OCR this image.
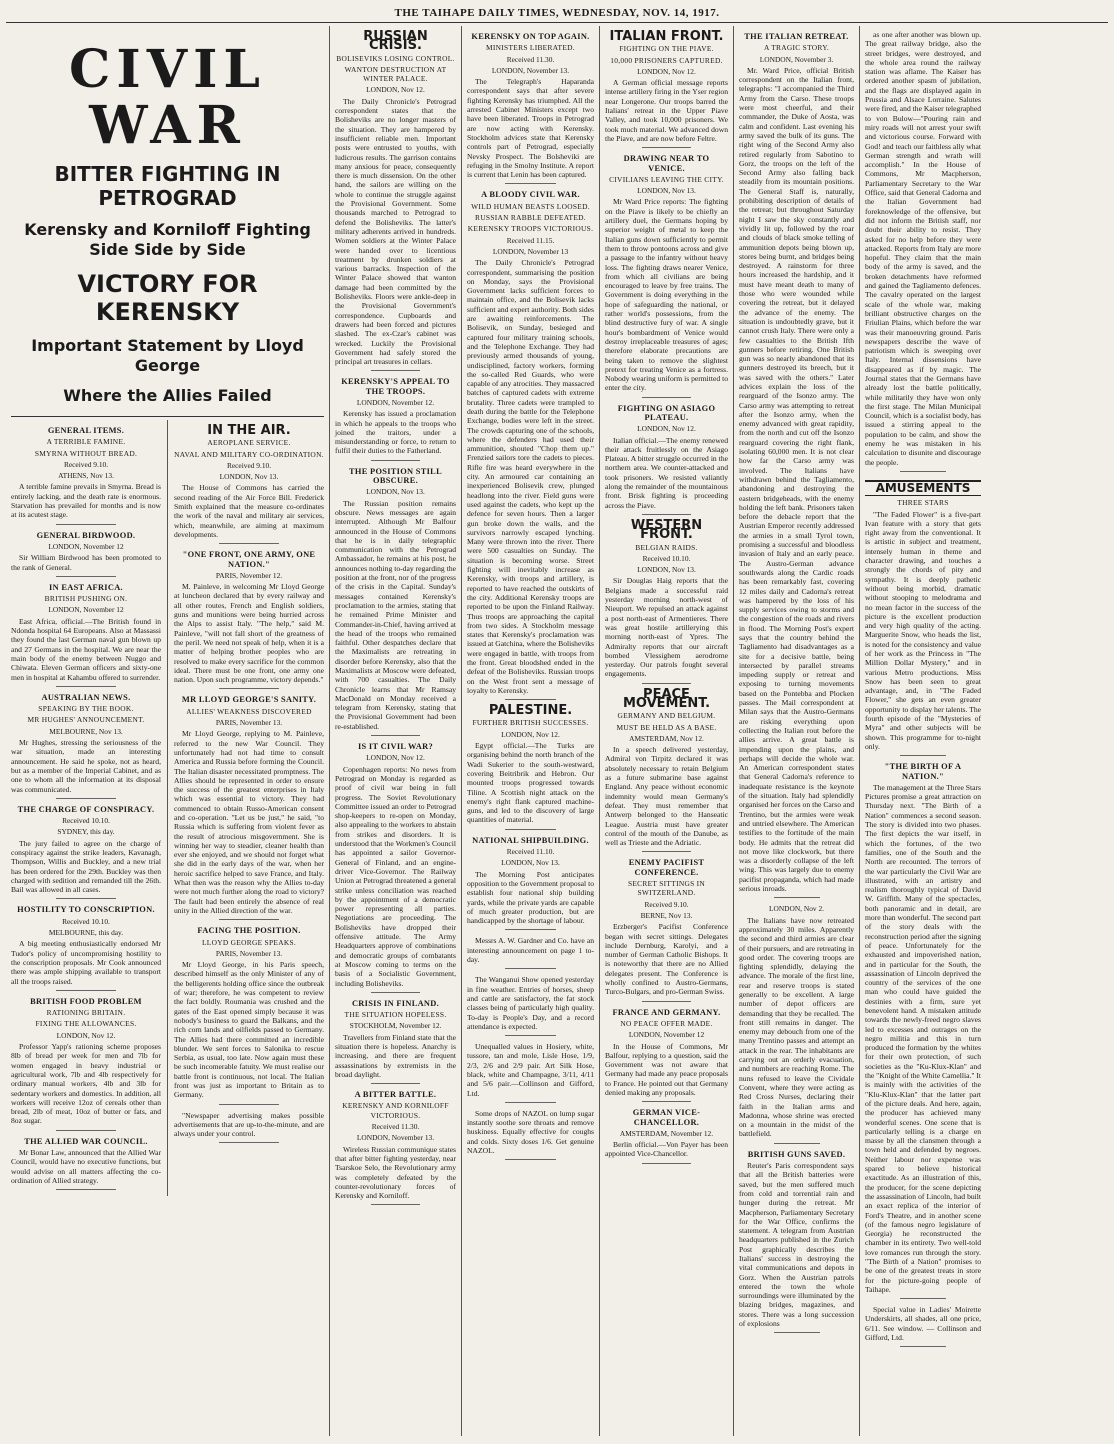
THE TAIHAPE DAILY TIMES, WEDNESDAY, NOV. 14, 1917.
CIVIL WAR
BITTER FIGHTING IN PETROGRAD
Kerensky and Korniloff Fighting Side Side by Side
VICTORY FOR KERENSKY
Important Statement by Lloyd George
Where the Allies Failed
GENERAL ITEMS.
A TERRIBLE FAMINE.
SMYRNA WITHOUT BREAD.
Received 9.10.
ATHENS, Nov 13.

A terrible famine prevails in Smyrna. Bread is entirely lacking, and the death rate is enormous. Starvation has prevailed for months and is now at its acutest stage.

GENERAL BIRDWOOD.
LONDON, November 12

Sir William Birdwood has been promoted to the rank of General.

IN EAST AFRICA.
BRITISH PUSHING ON.
LONDON, November 12

East Africa, official.—The British found in Ndonda hospital 64 Europeans. Also at Massassi they found the last German naval gun blown up and 27 Germans in the hospital. We are near the main body of the enemy between Nuggo and Chiwata. Eleven German officers and sixty-one men in hospital at Kahambu offered to surrender.

AUSTRALIAN NEWS.
SPEAKING BY THE BOOK.
MR HUGHES' ANNOUNCEMENT.
MELBOURNE, Nov 13.

Mr Hughes, stressing the seriousness of the war situation, made an interesting announcement. He said he spoke, not as heard, but as a member of the Imperial Cabinet, and as one to whom all the information at its disposal was communicated.

THE CHARGE OF CONSPIRACY.
Received 10.10.
SYDNEY, this day.

The jury failed to agree on the charge of conspiracy against the strike leaders, Kavanagh, Thompson, Willis and Buckley, and a new trial has been ordered for the 29th. Buckley was then charged with sedition and remanded till the 26th. Bail was allowed in all cases.

HOSTILITY TO CONSCRIPTION.
Received 10.10.
MELBOURNE, this day.

A big meeting enthusiastically endorsed Mr Tudor's policy of uncompromising hostility to the conscription proposals. Mr Cook announced there was ample shipping available to transport all the troops raised.

BRITISH FOOD PROBLEM
RATIONING BRITAIN.
FIXING THE ALLOWANCES.
LONDON, Nov 12.

Professor Yapp's rationing scheme proposes 8lb of bread per week for men and 7lb for women engaged in heavy industrial or agricultural work, 7lb and 4lb respectively for ordinary manual workers, 4lb and 3lb for sedentary workers and domestics. In addition, all workers will receive 12oz of cereals other than bread, 2lb of meat, 10oz of butter or fats, and 8oz sugar.

THE ALLIED WAR COUNCIL.

Mr Bonar Law, announced that the Allied War Council, would have no executive functions, but would advise on all matters affecting the co-ordination of Allied strategy.

IN THE AIR.
AEROPLANE SERVICE.
NAVAL AND MILITARY CO-ORDINATION.
Received 9.10.
LONDON, Nov 13.

The House of Commons has carried the second reading of the Air Force Bill. Frederick Smith explained that the measure co-ordinates the work of the naval and military air services, which, meanwhile, are aiming at maximum developments.

"ONE FRONT, ONE ARMY, ONE NATION."
PARIS, November 12.

M. Painleve, in welcoming Mr Lloyd George at luncheon declared that by every railway and all other routes, French and English soldiers, guns and munitions were being hurried across the Alps to assist Italy. "The help," said M. Painleve, "will not fall short of the greatness of the peril. We need not speak of help, when it is a matter of helping brother peoples who are resolved to make every sacrifice for the common ideal. There must be one front, one army one nation. Upon such programme, victory depends."

MR LLOYD GEORGE'S SANITY.
ALLIES' WEAKNESS DISCOVERED
PARIS, November 13.

Mr Lloyd George, replying to M. Painleve, referred to the new War Council. They unfortunately had not had time to consult America and Russia before forming the Council. The Italian disaster necessitated promptness. The Allies should be represented in order to ensure the success of the greatest enterprises in Italy which was essential to victory. They had commenced to obtain Russo-American consent and co-operation. "Let us be just," he said, "to Russia which is suffering from violent fever as the result of atrocious misgovernment. She is winning her way to steadier, cleaner health than ever she enjoyed, and we should not forget what she did in the early days of the war, when her heroic sacrifice helped to save France, and Italy. What then was the reason why the Allies to-day were not much further along the road to victory? The fault had been entirely the absence of real unity in the Allied direction of the war.

FACING THE POSITION.
LLOYD GEORGE SPEAKS.
PARIS, November 13.

Mr Lloyd George, in his Paris speech, described himself as the only Minister of any of the belligerents holding office since the outbreak of war; therefore, he was competent to review the fact boldly. Roumania was crushed and the gates of the East opened simply because it was nobody's business to guard the Balkans, and the rich corn lands and oilfields passed to Germany. The Allies had there committed an incredible blunder. We sent forces to Salonika to rescue Serbia, as usual, too late. Now again must these be such incomerable fatuity. We must realise our battle front is continuous, not local. The Italian front was just as important to Britain as to Germany.

"Newspaper advertising makes possible advertisements that are up-to-the-minute, and are always under your control.

RUSSIAN CRISIS.
BOLISEVIKS LOSING CONTROL.
WANTON DESTRUCTION AT WINTER PALACE.
LONDON, Nov 12.

The Daily Chronicle's Petrograd correspondent states that the Bolisheviks are no longer masters of the situation. They are hampered by insufficient reliable men. Important posts were entrusted to youths, with ludicrous results. The garrison contains many anxious for peace, consequently there is much dissension. On the other hand, the sailors are willing on the whole to continue the struggle against the Provisional Government. Some thousands marched to Petrograd to defend the Bolisheviks. The latter's military adherents arrived in hundreds. Women soldiers at the Winter Palace were handed over to licentious treatment by drunken soldiers at various barracks. Inspection of the Winter Palace showed that wanton damage had been committed by the Bolisheviks. Floors were ankle-deep in the Provisional Government's correspondence. Cupboards and drawers had been forced and pictures slashed. The ex-Czar's cabinet was wrecked. Luckily the Provisional Government had safely stored the principal art treasures in cellars.

KERENSKY'S APPEAL TO THE TROOPS.
LONDON, November 12.

Kerensky has issued a proclamation in which he appeals to the troops who joined the traitors, under a misunderstanding or force, to return to fulfil their duties to the Fatherland.

THE POSITION STILL OBSCURE.
LONDON, Nov 13.

The Russian position remains obscure. News messages are again interrupted. Although Mr Balfour announced in the House of Commons that he is in daily telegraphic communication with the Petrograd Ambassador, he remains at his post, he announces nothing to-day regarding the position at the front, nor of the progress of the crisis in the Capital. Sunday's messages contained Kerensky's proclamation to the armies, stating that he remained Prime Minister and Commander-in-Chief, having arrived at the head of the troops who remained faithful. Other despatches declare that the Maximalists are retreating in disorder before Kerensky, also that the Maximalists at Moscow were defeated, with 700 casualties. The Daily Chronicle learns that Mr Ramsay MacDonald on Monday received a telegram from Kerensky, stating that the Provisional Government had been re-established.

IS IT CIVIL WAR?
LONDON, Nov 12.

Copenhagen reports: No news from Petrograd on Monday is regarded as proof of civil war being in full progress. The Soviet Revolutionary Committee issued an order to Petrograd shop-keepers to re-open on Monday, also appealing to the workers to abstain from strikes and disorders. It is understood that the Workmen's Council has appointed a sailor Governor-General of Finland, and an engine-driver Vice-Governor. The Railway Union at Petrograd threatened a general strike unless conciliation was reached by the appointment of a democratic power representing all parties. Negotiations are proceeding. The Bolisheviks have dropped their offensive attitude. The Army Headquarters approve of combinations and democratic groups of combatants at Moscow coming to terms on the basis of a Socialistic Government, including Bolisheviks.

CRISIS IN FINLAND.
THE SITUATION HOPELESS.
STOCKHOLM, November 12.

Travellers from Finland state that the situation there is hopeless. Anarchy is increasing, and there are frequent assassinations by extremists in the broad daylight.

A BITTER BATTLE.
KERENSKY AND KORNILOFF VICTORIOUS.
Received 11.30.
LONDON, November 13.

Wireless Russian communique states that after bitter fighting yesterday, near Tsarskoe Selo, the Revolutionary army was completely defeated by the counter-revolutionary forces of Kerensky and Korniloff.

KERENSKY ON TOP AGAIN.
MINISTERS LIBERATED.
Received 11.30.
LONDON, November 13.

The Telegraph's Haparanda correspondent says that after severe fighting Kerensky has triumphed. All the arrested Cabinet Ministers except two have been liberated. Troops in Petrograd are now acting with Kerensky. Stockholm advices state that Kerensky controls part of Petrograd, especially Nevsky Prospect. The Bolsheviki are refuging in the Smolny Institute. A report is current that Lenin has been captured.

A BLOODY CIVIL WAR.
WILD HUMAN BEASTS LOOSED.
RUSSIAN RABBLE DEFEATED.
KERENSKY TROOPS VICTORIOUS.
Received 11.15.
LONDON, November 13

The Daily Chronicle's Petrograd correspondent, summarising the position on Monday, says the Provisional Government lacks sufficient forces to maintain office, and the Bolisevik lacks sufficient and expert authority. Both sides are awaiting reinforcements. The Bolisevik, on Sunday, besieged and captured four military training schools, and the Telephone Exchange. They had previously armed thousands of young, undisciplined, factory workers, forming the so-called Red Guards, who were capable of any atrocities. They massacred batches of captured cadets with extreme brutality. Three cadets were trampled to death during the battle for the Telephone Exchange, bodies were left in the street. The crowds capturing one of the schools, where the defenders had used their ammunition, shouted "Chop them up." Frenzied sailors tore the cadets to pieces. Rifle fire was heard everywhere in the city. An armoured car containing an inexperienced Bolisevik crew, plunged headlong into the river. Field guns were used against the cadets, who kept up the defence for seven hours. Then a larger gun broke down the walls, and the survivors narrowly escaped lynching. Many were thrown into the river. There were 500 casualties on Sunday. The situation is becoming worse. Street fighting will inevitably increase as Kerensky, with troops and artillery, is reported to have reached the outskirts of the city. Additional Kerensky troops are reported to be upon the Finland Railway. Thus troops are approaching the capital from two sides. A Stockholm message states that Kerensky's proclamation was issued at Gatchina, where the Bolisheviks were engaged in battle, with troops from the front. Great bloodshed ended in the defeat of the Bolisheviks. Russian troops on the West front sent a message of loyalty to Kerensky.

PALESTINE.
FURTHER BRITISH SUCCESSES.
LONDON, Nov 12.

Egypt official.—The Turks are organising behind the north branch of the Wadi Sukerier to the south-westward, covering Beitribrik and Hebron. Our mounted troops progressed towards Tiline. A Scottish night attack on the enemy's right flank captured machine-guns, and led to the discovery of large quantities of material.

NATIONAL SHIPBUILDING.
Received 11.10.
LONDON, Nov 13.

The Morning Post anticipates opposition to the Government proposal to establish four national ship building yards, while the private yards are capable of much greater production, but are handicapped by the shortage of labour.

Messrs A. W. Gardner and Co. have an interesting announcement on page 1 to-day.

The Wanganui Show opened yesterday in fine weather. Entries of horses, sheep and cattle are satisfactory, the fat stock classes being of particularly high quality. To-day is People's Day, and a record attendance is expected.

Unequalled values in Hosiery, white, tussore, tan and mole, Lisle Hose, 1/9, 2/3, 2/6 and 2/9 pair. Art Silk Hose, black, white and Champagne, 3/11, 4/11 and 5/6 pair.—Collinson and Gifford, Ltd.

Some drops of NAZOL on lump sugar instantly soothe sore throats and remove huskiness. Equally effective for coughs and colds. Sixty doses 1/6. Get genuine NAZOL.

ITALIAN FRONT.
FIGHTING ON THE PIAVE.
10,000 PRISONERS CAPTURED.
LONDON, Nov 12.

A German official message reports intense artillery firing in the Yser region near Longerone. Our troops barred the Italians' retreat in the Upper Piave Valley, and took 10,000 prisoners. We took much material. We advanced down the Piave, and are now before Feltre.

DRAWING NEAR TO VENICE.
CIVILIANS LEAVING THE CITY.
LONDON, Nov 13.

Mr Ward Price reports: The fighting on the Piave is likely to be chiefly an artillery duel, the Germans hoping by superior weight of metal to keep the Italian guns down sufficiently to permit them to throw pontoons across and give a passage to the infantry without heavy loss. The fighting draws nearer Venice, from which all civilians are being encouraged to leave by free trains. The Government is doing everything in the hope of safeguarding the national, or rather world's possessions, from the blind destructive fury of war. A single hour's bombardment of Venice would destroy irreplaceable treasures of ages; therefore elaborate precautions are being taken to remove the slightest pretext for treating Venice as a fortress. Nobody wearing uniform is permitted to enter the city.

FIGHTING ON ASIAGO PLATEAU.
LONDON, Nov 12.

Italian official.—The enemy renewed their attack fruitlessly on the Asiago Plateau. A bitter struggle occurred in the northern area. We counter-attacked and took prisoners. We resisted valiantly along the remainder of the mountainous front. Brisk fighting is proceeding across the Piave.

WESTERN FRONT.
BELGIAN RAIDS.
Received 10.10.
LONDON, Nov 13.

Sir Douglas Haig reports that the Belgians made a successful raid yesterday morning north-west of Nieuport. We repulsed an attack against a post north-east of Armentieres. There was great hostile artillerying this morning north-east of Ypres. The Admiralty reports that our aircraft bombed Vlessighem aerodrome yesterday. Our patrols fought several engagements.

PEACE MOVEMENT.
GERMANY AND BELGIUM.
MUST BE HELD AS A BASE.
AMSTERDAM, Nov 12.

In a speech delivered yesterday, Admiral von Tirpitz declared it was absolutely necessary to retain Belgium as a future submarine base against England. Any peace without economic indemnity would mean Germany's defeat. They must remember that Antwerp belonged to the Hanseatic League. Austria must have greater control of the mouth of the Danube, as well as Trieste and the Adriatic.

ENEMY PACIFIST CONFERENCE.
SECRET SITTINGS IN SWITZERLAND.
Received 9.10.
BERNE, Nov 13.

Erzberger's Pacifist Conference began with secret sittings. Delegates include Dernburg, Karolyi, and a number of German Catholic Bishops. It is noteworthy that there are no Allied delegates present. The Conference is wholly confined to Austro-Germans, Turco-Bulgars, and pro-German Swiss.

FRANCE AND GERMANY.
NO PEACE OFFER MADE.
LONDON, November 12

In the House of Commons, Mr Balfour, replying to a question, said the Government was not aware that Germany had made any peace proposals to France. He pointed out that Germany denied making any proposals.

GERMAN VICE-CHANCELLOR.
AMSTERDAM, November 12.

Berlin official.—Von Payer has been appointed Vice-Chancellor.

THE ITALIAN RETREAT.
A TRAGIC STORY.
LONDON, November 3.

Mr. Ward Price, official British correspondent on the Italian front, telegraphs: "I accompanied the Third Army from the Carso. These troops were most cheerful, and their commander, the Duke of Aosta, was calm and confident. Last evening his army saved the bulk of its guns. The right wing of the Second Army also retired regularly from Sabotino to Gorz, the troops on the left of the Second Army also falling back steadily from its mountain positions. The General Staff is, naturally, prohibiting description of details of the retreat; but throughout Saturday night I saw the sky constantly and vividly lit up, followed by the roar and clouds of black smoke telling of ammunition depots being blown up, stores being burnt, and bridges being destroyed. A rainstorm for three hours increased the hardship, and it must have meant death to many of those who were wounded while covering the retreat, but it delayed the advance of the enemy. The situation is undoubtedly grave, but it cannot crush Italy. There were only a few casualties to the British Ifth gunners before retiring. One British gun was so nearly abandoned that its gunners destroyed its breech, but it was saved with the others." Later advices explain the loss of the rearguard of the Isonzo army. The Carso army was attempting to retreat after the Isonzo army, when the enemy advanced with great rapidity, from the north and cut off the Isonzo rearguard covering the right flank, isolating 60,000 men. It is not clear how far the Carso army was involved. The Italians have withdrawn behind the Tagliamento, abandoning and destroying the eastern bridgeheads, with the enemy holding the left bank. Prisoners taken before the debacle report that the Austrian Emperor recently addressed the armies in a small Tyrol town, promising a successful and bloodless invasion of Italy and an early peace. The Austro-German advance southwards along the Cardic roads has been remarkably fast, covering 12 miles daily and Cadorna's retreat was hampered by the loss of his supply services owing to storms and the congestion of the roads and rivers in flood. The Morning Post's expert says that the country behind the Tagliamento had disadvantages as a site for a decisive battle, being intersected by parallel streams impeding supply or retreat and exposing to turning movements based on the Pontebba and Plocken passes. The Mail correspondent at Milan says that the Austro-Germans are risking everything upon collecting the Italian rout before the allies arrive. A great battle is impending upon the plains, and perhaps will decide the whole war. An American correspondent states that General Cadorna's reference to inadequate resistance is the keynote of the situation. Italy had splendidly organised her forces on the Carso and Trentino, but the armies were weak and untried elsewhere. The American testifies to the fortitude of the main body. He admits that the retreat did not move like clockwork, but there was a disorderly collapse of the left wing. This was largely due to enemy pacifist propaganda, which had made serious inroads.

LONDON, Nov 2.

The Italians have now retreated approximately 30 miles. Apparently the second and third armies are clear of their pursuers, and are retreating in good order. The covering troops are fighting splendidly, delaying the advance. The morale of the first line, rear and reserve troops is stated generally to be excellent. A large number of depot officers are demanding that they be recalled. The front still remains in danger. The enemy may debouch from one of the many Trentino passes and attempt an attack in the rear. The inhabitants are carrying out an orderly evacuation, and numbers are reaching Rome. The nuns refused to leave the Cividale Convent, where they were acting as Red Cross Nurses, declaring their faith in the Italian arms and Madonna, whose shrine was erected on a mountain in the midst of the battlefield.

BRITISH GUNS SAVED.

Reuter's Paris correspondent says that all the British batteries were saved, but the men suffered much from cold and torrential rain and hunger during the retreat. Mr Macpherson, Parliamentary Secretary for the War Office, confirms the statement. A telegram from Austrian headquarters published in the Zurich Post graphically describes the Italians' success in destroying the vital communications and depots in Gorz. When the Austrian patrols entered the town the whole surroundings were illuminated by the blazing bridges, magazines, and stores. There was a long succession of explosions

as one after another was blown up. The great railway bridge, also the street bridges, were destroyed, and the whole area round the railway station was aflame. The Kaiser has ordered another spasm of jubilation, and the flags are displayed again in Prussia and Alsace Lorraine. Salutes were fired, and the Kaiser telegraphed to von Bulow—"Pouring rain and miry roads will not arrest your swift and victorious course. Forward with God! and teach our faithless ally what German strength and wrath will accomplish." In the House of Commons, Mr Macpherson, Parliamentary Secretary to the War Office, said that General Cadorna and the Italian Government had foreknowledge of the offensive, but did not inform the British staff, nor doubt their ability to resist. They asked for no help before they were attacked. Reports from Italy are more hopeful. They claim that the main body of the army is saved, and the broken detachments have reformed and gained the Tagliamento defences. The cavalry operated on the largest scale of the whole war, making brilliant obstructive charges on the Friulian Plains, which before the war was their manoeuvring ground. Paris newspapers describe the wave of patriotism which is sweeping over Italy. Internal dissensions have disappeared as if by magic. The Journal states that the Germans have already lost the battle politically, while militarily they have won only the first stage. The Milan Municipal Council, which is a socialist body, has issued a stirring appeal to the population to be calm, and show the enemy he was mistaken in his calculation to disunite and discourage the people.

AMUSEMENTS
THREE STARS

"The Faded Flower" is a five-part Ivan feature with a story that gets right away from the conventional. It is artistic in subject and treatment, intensely human in theme and character drawing, and touches a strongly the chords of pity and sympathy. It is deeply pathetic without being morbid, dramatic without stooping to melodrama and no mean factor in the success of the picture is the excellent production and very high quality of the acting. Marguerite Snow, who heads the list, is noted for the consistency and value of her work as the Princess in "The Million Dollar Mystery," and in various Metro productions. Miss Snow has been seen to great advantage, and, in "The Faded Flower," she gets an even greater opportunity to display her talents. The fourth episode of the "Mysteries of Myra" and other subjects will be shown. This programme for to-night only.

"THE BIRTH OF A NATION."

The management at the Three Stars Pictures promise a great attraction on Thursday next. "The Birth of a Nation" commences a second season. The story is divided into two phases. The first depicts the war itself, in which the fortunes, of the two families, one of the South and the North are recounted. The terrors of the war particularly the Civil War are illustrated, with an artistry and realism thoroughly typical of David W. Griffith. Many of the spectacles, both panoramic and in detail, are more than wonderful. The second part of the story deals with the reconstruction period after the signing of peace. Unfortunately for the exhausted and impoverished nation, and in particular for the South, the assassination of Lincoln deprived the country of the services of the one man who could have guided the destinies with a firm, sure yet benevolent hand. A mistaken attitude towards the newly-freed negro slaves led to excesses and outrages on the negro militia and this in turn produced the formation by the whites for their own protection, of such societies as the "Ku-Klux-Klan" and the "Knight of the White Camellia." It is mainly with the activities of the "Klu-Klux-Klan" that the latter part of the picture deals. And here, again, the producer has achieved many wonderful scenes. One scene that is particularly telling is a charge en masse by all the clansmen through a town held and defended by negroes. Neither labour nor expense was spared to believe historical exactitude. As an illustration of this, the producer, for the scene depicting the assassination of Lincoln, had built an exact replica of the interior of Ford's Theatre, and in another scene (of the famous negro legislature of Georgia) he reconstructed the chamber in its entirety. Two well-told love romances run through the story. "The Birth of a Nation" promises to be one of the greatest treats in store for the picture-going people of Taihape.

Special value in Ladies' Moirette Underskirts, all shades, all one price, 6/11. See window. — Collinson and Gifford, Ltd.
